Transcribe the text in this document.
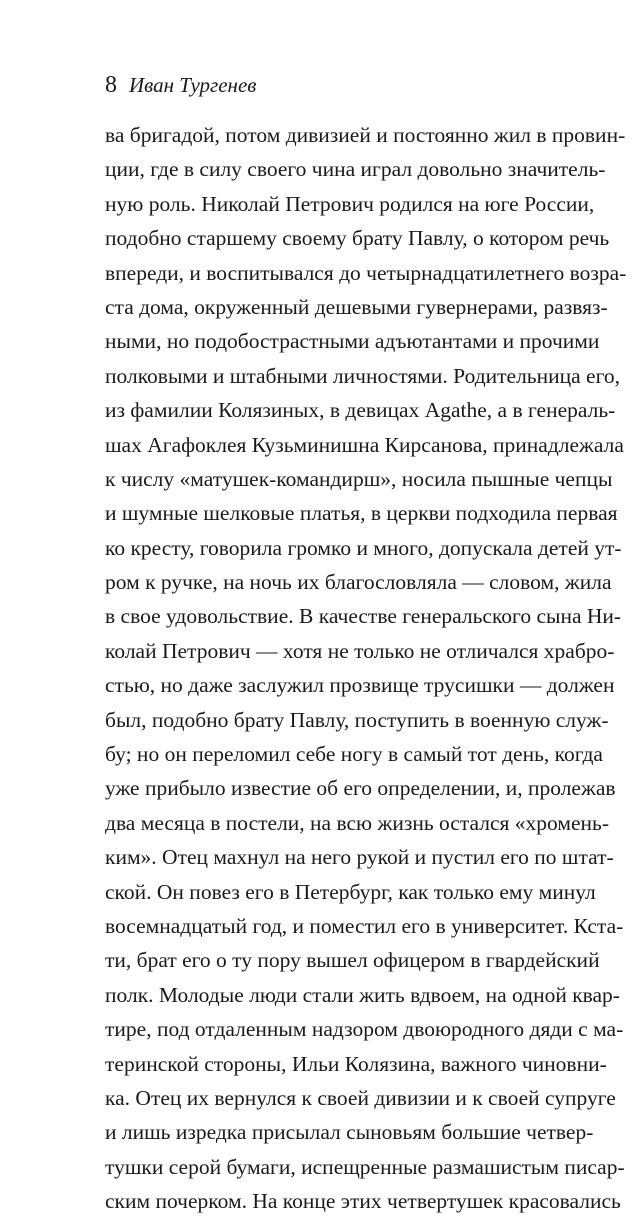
8 Иван Тургенев
ва бригадой, потом дивизией и постоянно жил в провин-
ции, где в силу своего чина играл довольно значитель-
ную роль. Николай Петрович родился на юге России,
подобно старшему своему брату Павлу, о котором речь
впереди, и воспитывался до четырнадцатилетнего возра-
ста дома, окруженный дешевыми гувернерами, развяз-
ными, но подобострастными адъютантами и прочими
полковыми и штабными личностями. Родительница его,
из фамилии Колязиных, в девицах Agathe, а в генераль-
шах Агафоклея Кузьминишна Кирсанова, принадлежала
к числу «матушек-командирш», носила пышные чепцы
и шумные шелковые платья, в церкви подходила первая
ко кресту, говорила громко и много, допускала детей ут-
ром к ручке, на ночь их благословляла — словом, жила
в свое удовольствие. В качестве генеральского сына Ни-
колай Петрович — хотя не только не отличался храбро-
стью, но даже заслужил прозвище трусишки — должен
был, подобно брату Павлу, поступить в военную служ-
бу; но он переломил себе ногу в самый тот день, когда
уже прибыло известие об его определении, и, пролежав
два месяца в постели, на всю жизнь остался «хромень-
ким». Отец махнул на него рукой и пустил его по штат-
ской. Он повез его в Петербург, как только ему минул
восемнадцатый год, и поместил его в университет. Кста-
ти, брат его о ту пору вышел офицером в гвардейский
полк. Молодые люди стали жить вдвоем, на одной квар-
тире, под отдаленным надзором двоюродного дяди с ма-
теринской стороны, Ильи Колязина, важного чиновни-
ка. Отец их вернулся к своей дивизии и к своей супруге
и лишь изредка присылал сыновьям большие четвер-
тушки серой бумаги, испещренные размашистым писар-
ским почерком. На конце этих четвертушек красовались
